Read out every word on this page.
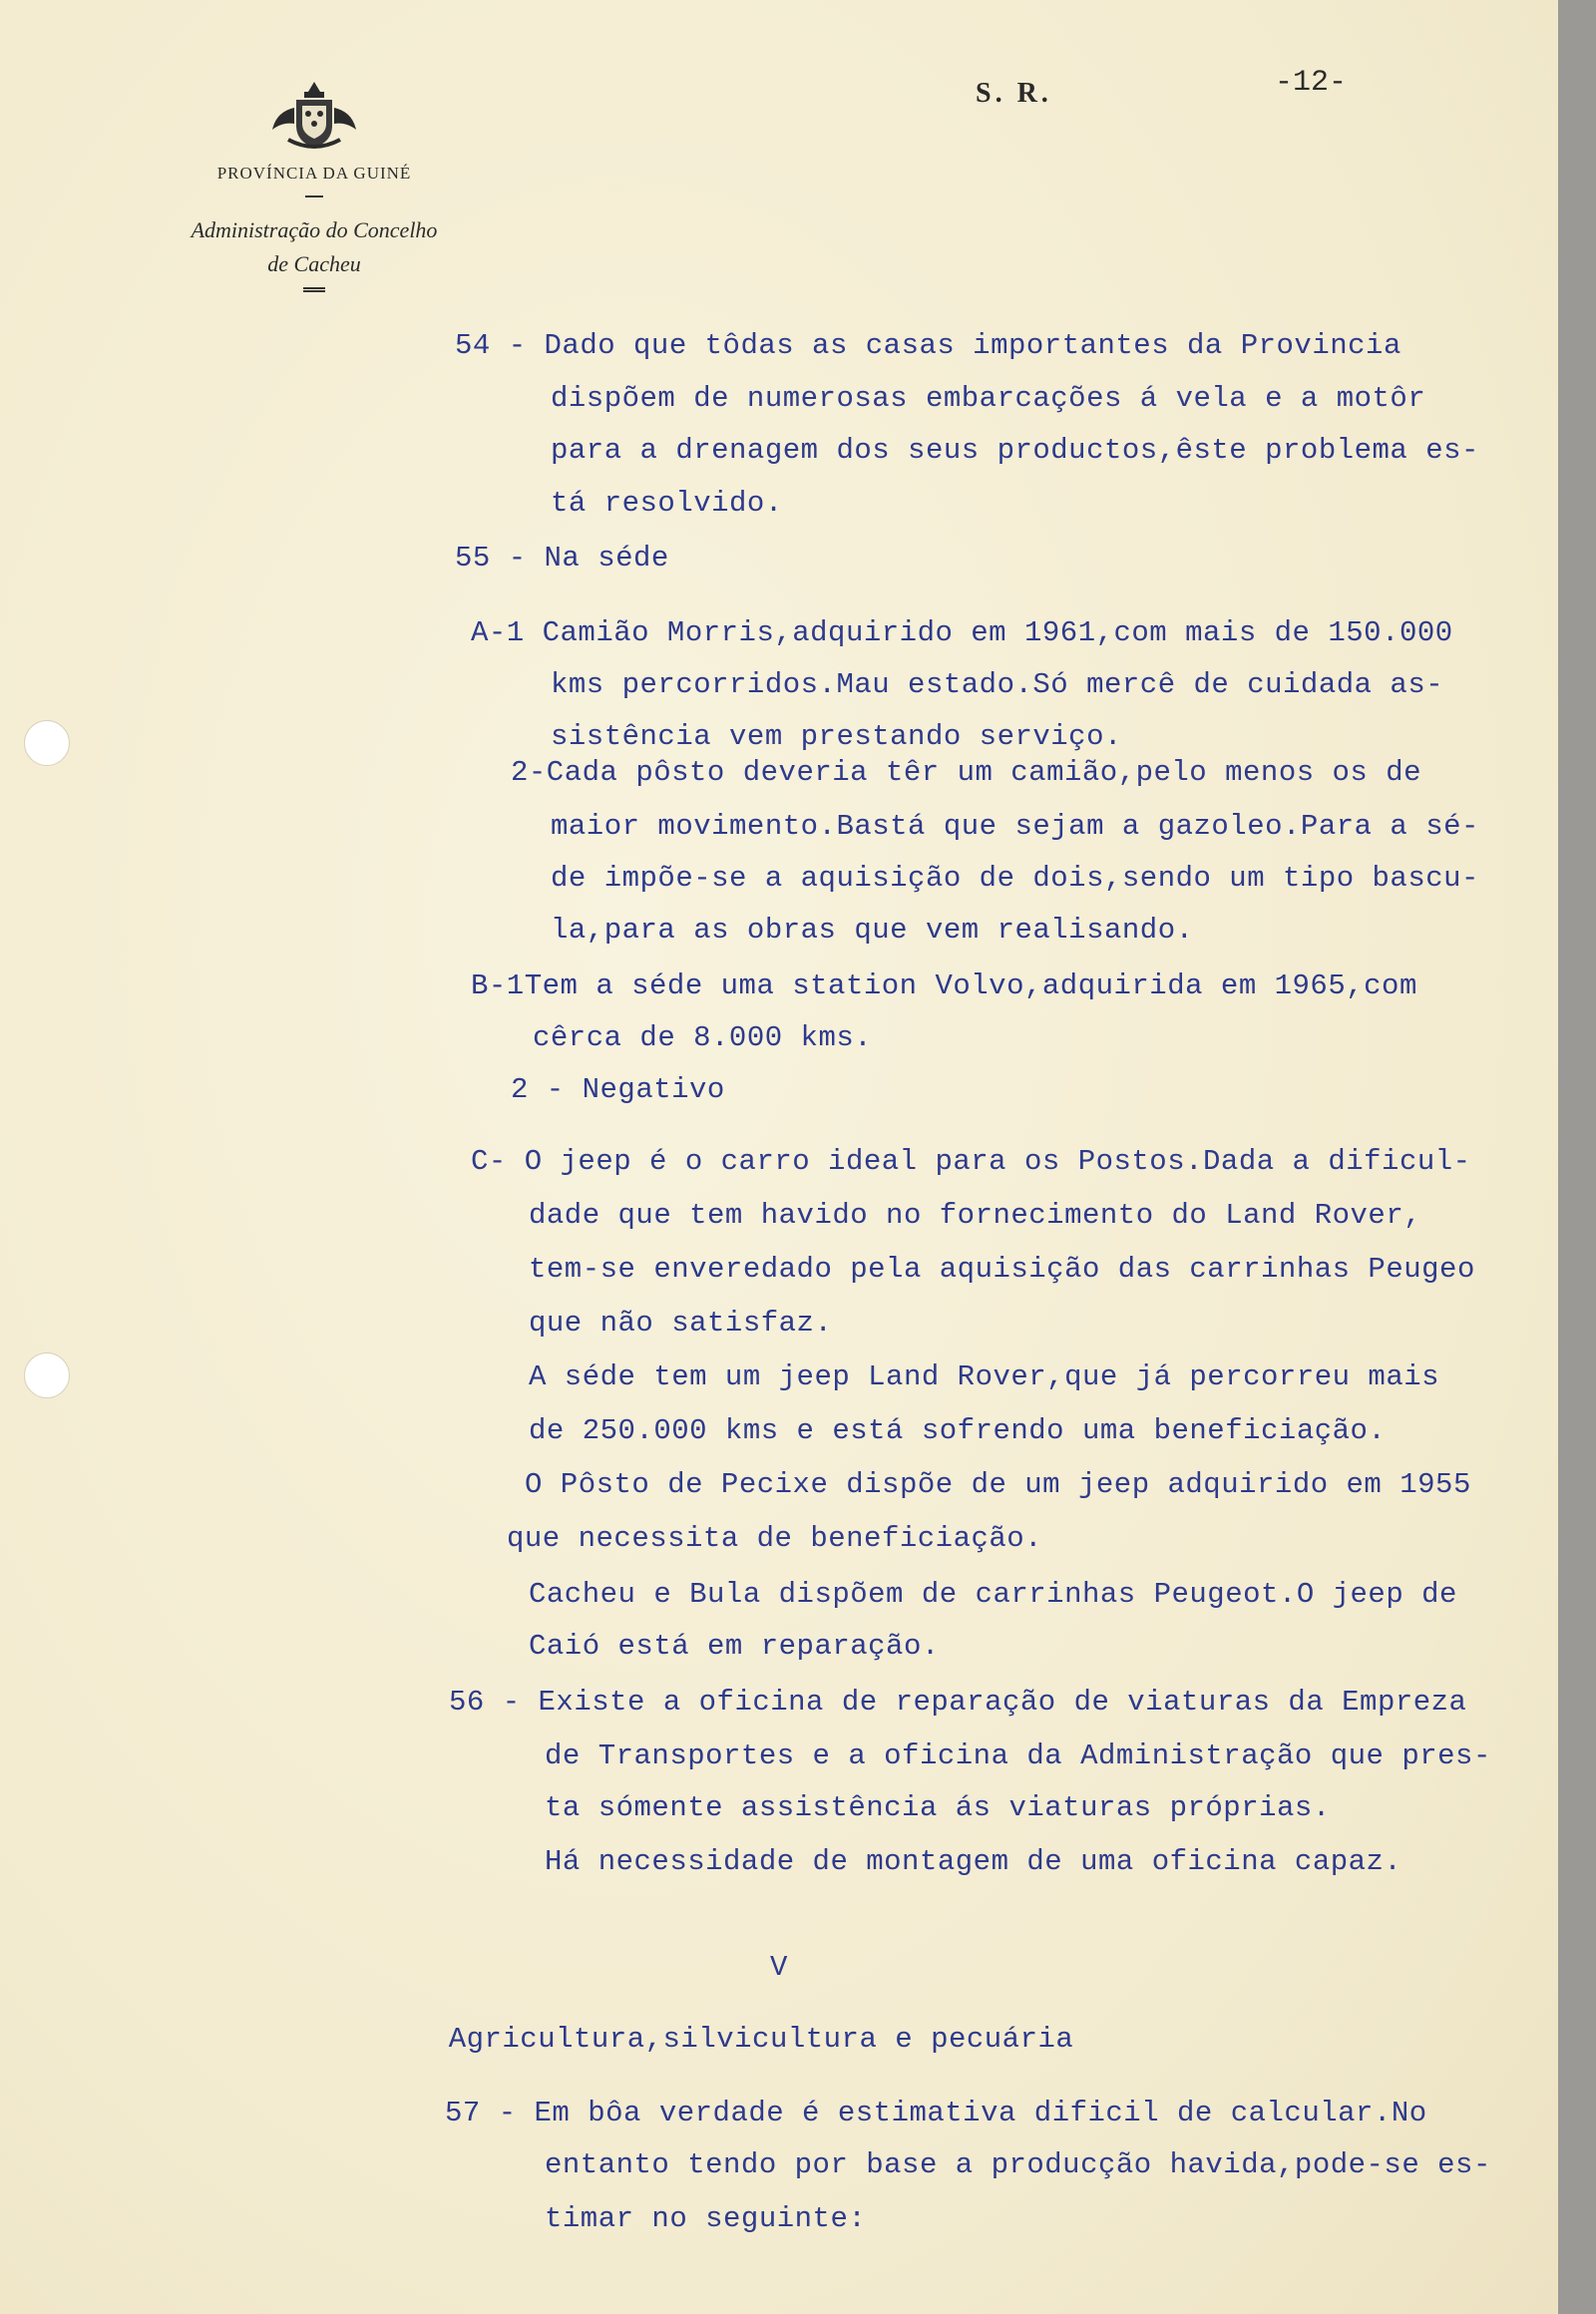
PROVÍNCIA DA GUINÉ
Administração do Concelho
de Cacheu
S. R.	-12-
54 - Dado que tôdas as casas importantes da Provincia
dispõem de numerosas embarcações á vela e a motôr
para a drenagem dos seus productos,êste problema es-
tá resolvido.
55 - Na séde
A-1 Camião Morris,adquirido em 1961,com mais de 150.000
kms percorridos.Mau estado.Só mercê de cuidada as-
sistência vem prestando serviço.
2-Cada pôsto deveria têr um camião,pelo menos os de
maior movimento.Bastá que sejam a gazoleo.Para a sé-
de impõe-se a aquisição de dois,sendo um tipo bascu-
la,para as obras que vem realisando.
B-1Tem a séde uma station Volvo,adquirida em 1965,com
cêrca de 8.000 kms.
2 - Negativo
C- O jeep é o carro ideal para os Postos.Dada a dificul-
dade que tem havido no fornecimento do Land Rover,
tem-se enveredado pela aquisição das carrinhas Peugeo
que não satisfaz.
A séde tem um jeep Land Rover,que já percorreu mais
de 250.000 kms e está sofrendo uma beneficiação.
O Pôsto de Pecixe dispõe de um jeep adquirido em 1955
que necessita de beneficiação.
Cacheu e Bula dispõem de carrinhas Peugeot.O jeep de
Caió está em reparação.
56 - Existe a oficina de reparação de viaturas da Empreza
de Transportes e a oficina da Administração que pres-
ta sómente assistência ás viaturas próprias.
Há necessidade de montagem de uma oficina capaz.
V
Agricultura,silvicultura e pecuária
57 - Em bôa verdade é estimativa dificil de calcular.No
entanto tendo por base a producção havida,pode-se es-
timar no seguinte:
